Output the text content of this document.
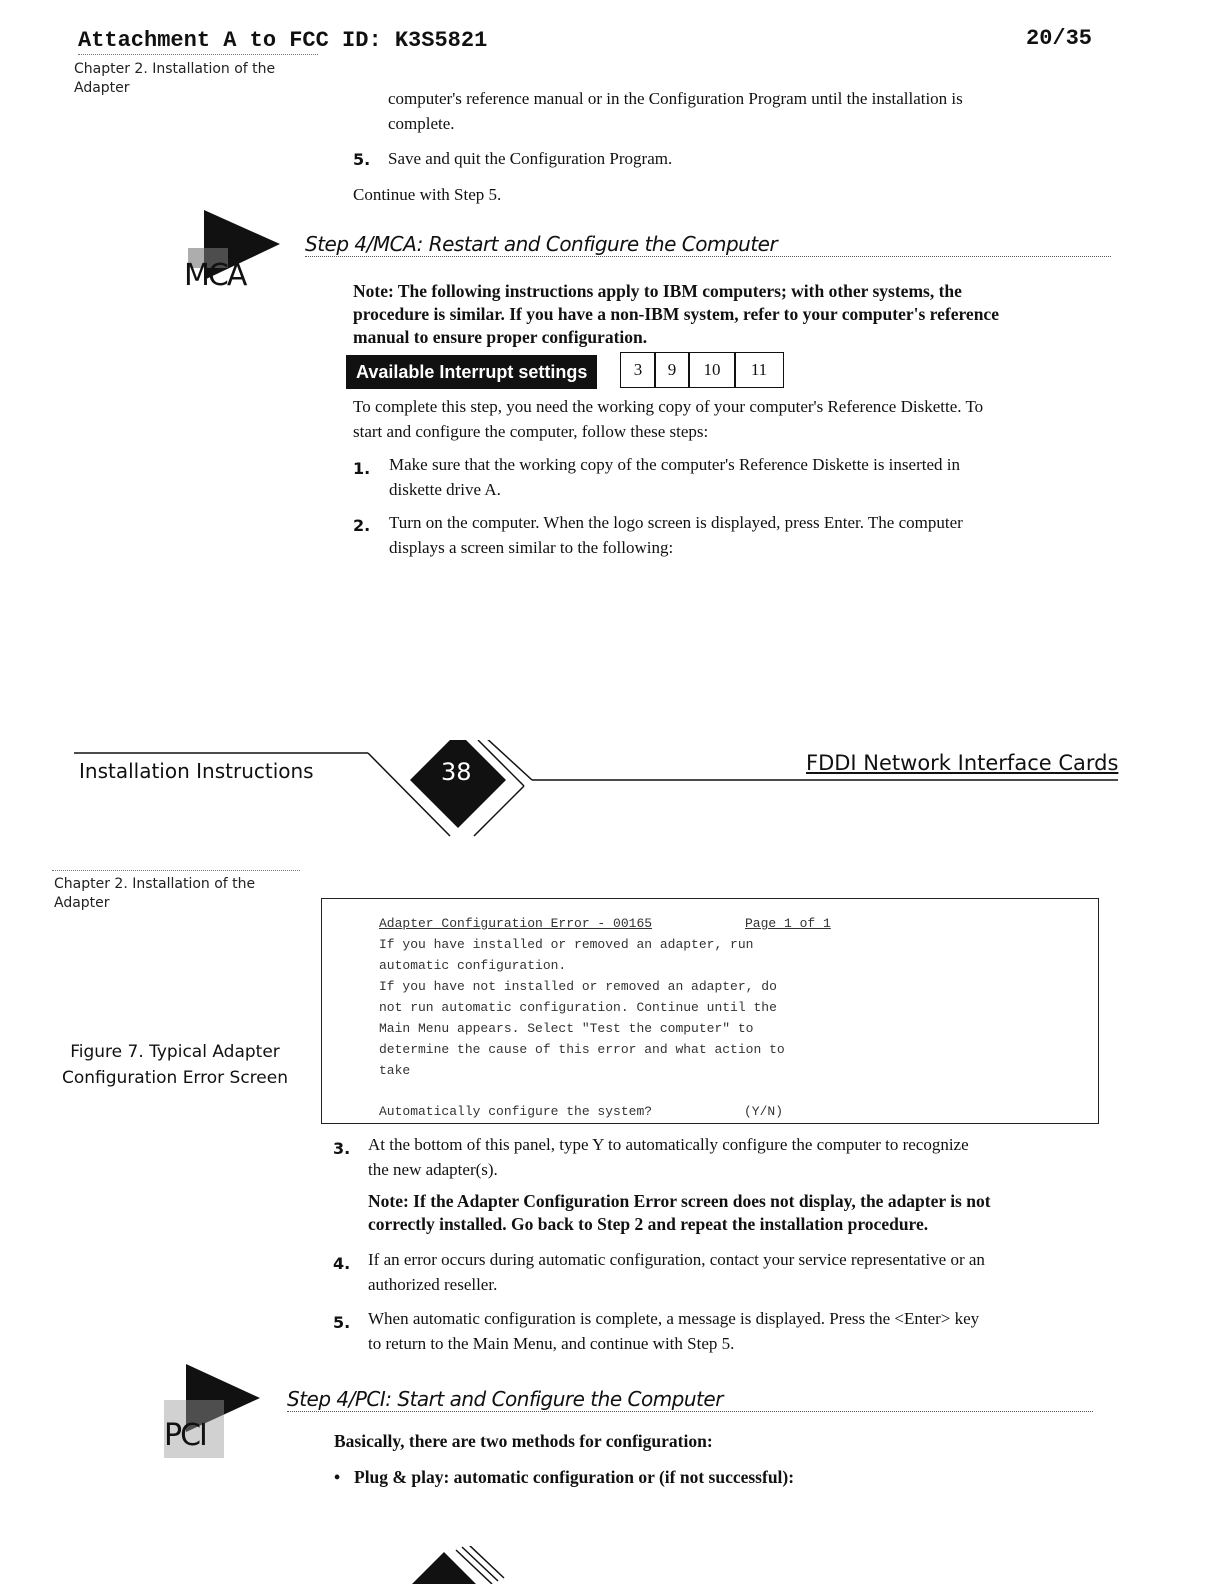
Attachment A to FCC ID: K3S5821	20/35
Chapter 2. Installation of the
Adapter
computer's reference manual or in the Configuration Program until the installation is
complete.
5. Save and quit the Configuration Program.
Continue with Step 5.
MCA
Step 4/MCA: Restart and Configure the Computer
Note: The following instructions apply to IBM computers; with other systems, the
procedure is similar. If you have a non-IBM system, refer to your computer's reference
manual to ensure proper configuration.
Available Interrupt settings	3	9	10	11
To complete this step, you need the working copy of your computer's Reference Diskette. To
start and configure the computer, follow these steps:
1. Make sure that the working copy of the computer's Reference Diskette is inserted in
diskette drive A.
2. Turn on the computer. When the logo screen is displayed, press Enter. The computer
displays a screen similar to the following:
Installation Instructions	38	FDDI Network Interface Cards
Chapter 2. Installation of the
Adapter
Figure 7. Typical Adapter
Configuration Error Screen
Adapter Configuration Error - 00165	Page 1 of 1
If you have installed or removed an adapter, run
automatic configuration.
If you have not installed or removed an adapter, do
not run automatic configuration. Continue until the
Main Menu appears. Select "Test the computer" to
determine the cause of this error and what action to
take
Automatically configure the system?	(Y/N)
3. At the bottom of this panel, type Y to automatically configure the computer to recognize
the new adapter(s).
Note: If the Adapter Configuration Error screen does not display, the adapter is not
correctly installed. Go back to Step 2 and repeat the installation procedure.
4. If an error occurs during automatic configuration, contact your service representative or an
authorized reseller.
5. When automatic configuration is complete, a message is displayed. Press the <Enter> key
to return to the Main Menu, and continue with Step 5.
PCI
Step 4/PCI: Start and Configure the Computer
Basically, there are two methods for configuration:
• Plug & play: automatic configuration or (if not successful):
